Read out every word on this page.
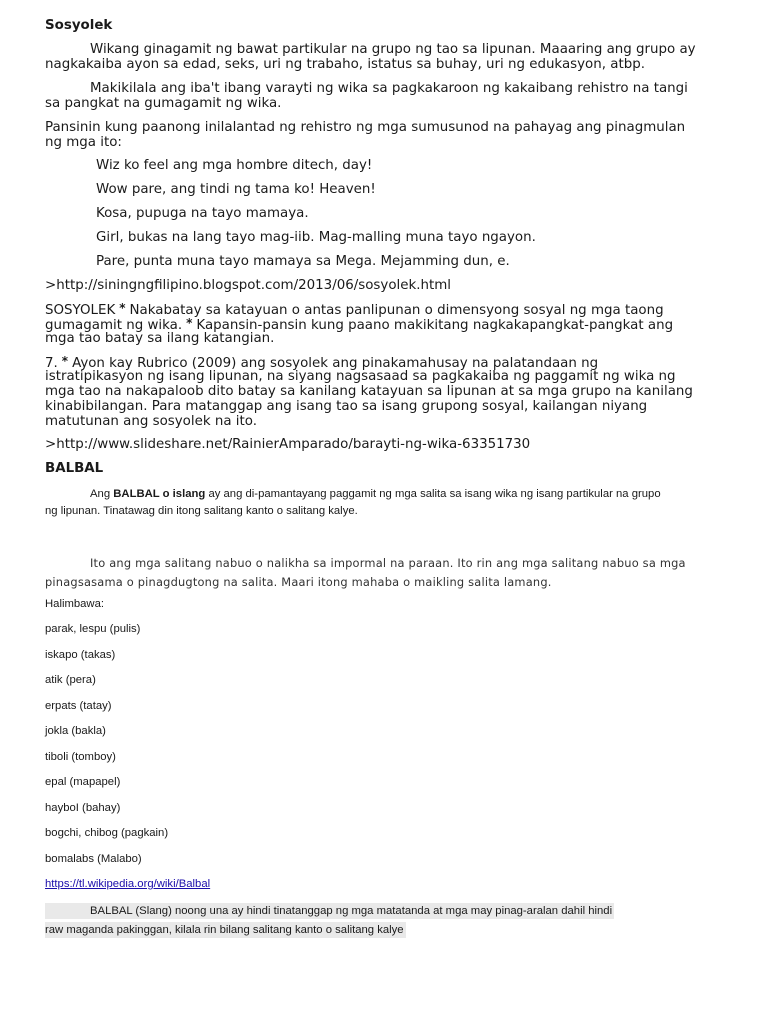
Sosyolek
Wikang ginagamit ng bawat partikular na grupo ng tao sa lipunan. Maaaring ang grupo ay
nagkakaiba ayon sa edad, seks, uri ng trabaho, istatus sa buhay, uri ng edukasyon, atbp.
Makikilala ang iba't ibang varayti ng wika sa pagkakaroon ng kakaibang rehistro na tangi
sa pangkat na gumagamit ng wika.
Pansinin kung paanong inilalantad ng rehistro ng mga sumusunod na pahayag ang pinagmulan
ng mga ito:
Wiz ko feel ang mga hombre ditech, day!
Wow pare, ang tindi ng tama ko! Heaven!
Kosa, pupuga na tayo mamaya.
Girl, bukas na lang tayo mag-iib. Mag-malling muna tayo ngayon.
Pare, punta muna tayo mamaya sa Mega. Mejamming dun, e.
>http://siningngfilipino.blogspot.com/2013/06/sosyolek.html
SOSYOLEK * Nakabatay sa katayuan o antas panlipunan o dimensyong sosyal ng mga taong
gumagamit ng wika. * Kapansin-pansin kung paano makikitang nagkakapangkat-pangkat ang
mga tao batay sa ilang katangian.
7. * Ayon kay Rubrico (2009) ang sosyolek ang pinakamahusay na palatandaan ng
istratipikasyon ng isang lipunan, na siyang nagsasaad sa pagkakaiba ng paggamit ng wika ng
mga tao na nakapaloob dito batay sa kanilang katayuan sa lipunan at sa mga grupo na kanilang
kinabibilangan. Para matanggap ang isang tao sa isang grupong sosyal, kailangan niyang
matutunan ang sosyolek na ito.
>http://www.slideshare.net/RainierAmparado/barayti-ng-wika-63351730
BALBAL
Ang BALBAL o islang ay ang di-pamantayang paggamit ng mga salita sa isang wika ng isang partikular na grupo
ng lipunan. Tinatawag din itong salitang kanto o salitang kalye.
Ito ang mga salitang nabuo o nalikha sa impormal na paraan. Ito rin ang mga salitang nabuo sa mga
pinagsasama o pinagdugtong na salita. Maari itong mahaba o maikling salita lamang.
Halimbawa:
parak, lespu (pulis)
iskapo (takas)
atik (pera)
erpats (tatay)
jokla (bakla)
tiboli (tomboy)
epal (mapapel)
hayboI (bahay)
bogchi, chibog (pagkain)
bomalabs (Malabo)
https://tl.wikipedia.org/wiki/Balbal
BALBAL (Slang) noong una ay hindi tinatanggap ng mga matatanda at mga may pinag-aralan dahil hindi
raw maganda pakinggan, kilala rin bilang salitang kanto o salitang kalye
